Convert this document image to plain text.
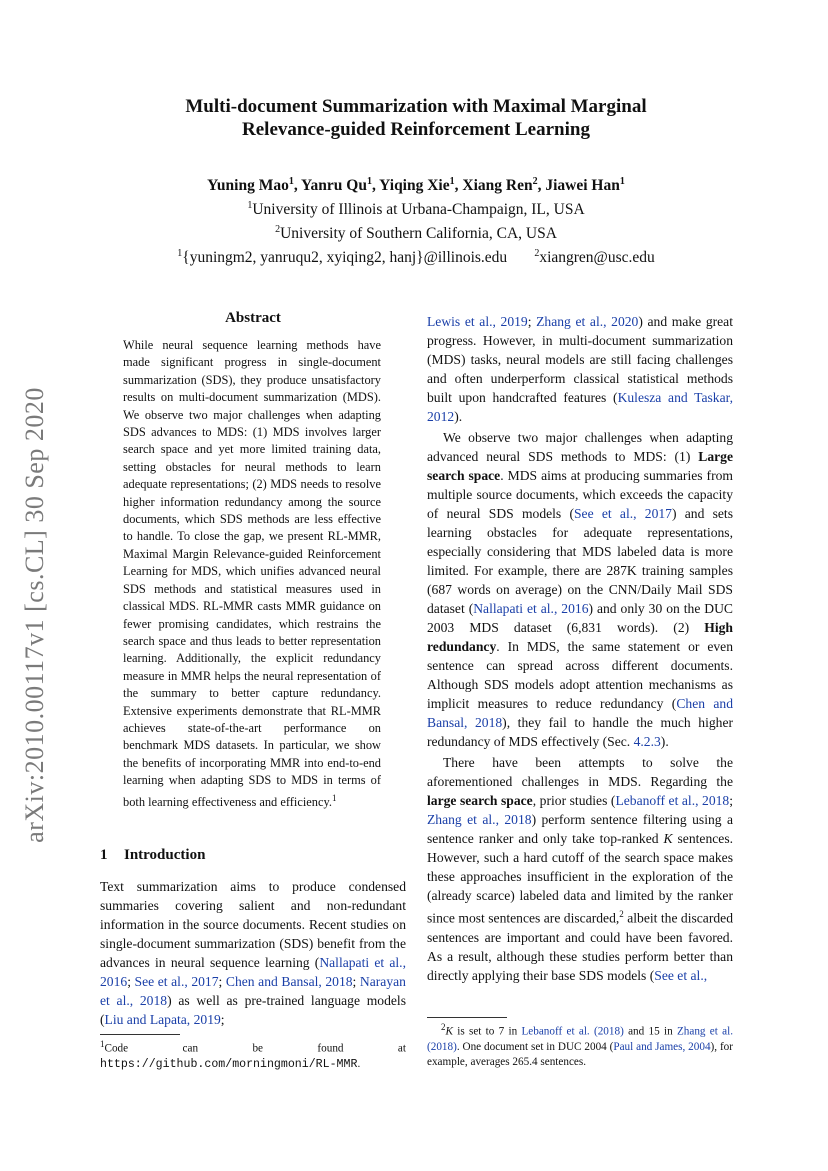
arXiv:2010.00117v1 [cs.CL] 30 Sep 2020
Multi-document Summarization with Maximal Marginal
Relevance-guided Reinforcement Learning
Yuning Mao$^1$, Yanru Qu$^1$, Yiqing Xie$^1$, Xiang Ren$^2$, Jiawei Han$^1$
$^1$University of Illinois at Urbana-Champaign, IL, USA
$^2$University of Southern California, CA, USA
$^1${yuningm2, yanruqu2, xyiqing2, hanj}@illinois.edu	$^2$xiangren@usc.edu
Abstract
While neural sequence learning methods have made significant progress in single-document summarization (SDS), they produce unsatisfactory results on multi-document summarization (MDS). We observe two major challenges when adapting SDS advances to MDS: (1) MDS involves larger search space and yet more limited training data, setting obstacles for neural methods to learn adequate representations; (2) MDS needs to resolve higher information redundancy among the source documents, which SDS methods are less effective to handle. To close the gap, we present RL-MMR, Maximal Margin Relevance-guided Reinforcement Learning for MDS, which unifies advanced neural SDS methods and statistical measures used in classical MDS. RL-MMR casts MMR guidance on fewer promising candidates, which restrains the search space and thus leads to better representation learning. Additionally, the explicit redundancy measure in MMR helps the neural representation of the summary to better capture redundancy. Extensive experiments demonstrate that RL-MMR achieves state-of-the-art performance on benchmark MDS datasets. In particular, we show the benefits of incorporating MMR into end-to-end learning when adapting SDS to MDS in terms of both learning effectiveness and efficiency.$^1$
1 Introduction

Text summarization aims to produce condensed summaries covering salient and non-redundant information in the source documents. Recent studies on single-document summarization (SDS) benefit from the advances in neural sequence learning (Nallapati et al., 2016; See et al., 2017; Chen and Bansal, 2018; Narayan et al., 2018) as well as pre-trained language models (Liu and Lapata, 2019;

$^1$Code can be found at https://github.com/morningmoni/RL-MMR.

Lewis et al., 2019; Zhang et al., 2020) and make great progress. However, in multi-document summarization (MDS) tasks, neural models are still facing challenges and often underperform classical statistical methods built upon handcrafted features (Kulesza and Taskar, 2012).

We observe two major challenges when adapting advanced neural SDS methods to MDS: (1) Large search space. MDS aims at producing summaries from multiple source documents, which exceeds the capacity of neural SDS models (See et al., 2017) and sets learning obstacles for adequate representations, especially considering that MDS labeled data is more limited. For example, there are 287K training samples (687 words on average) on the CNN/Daily Mail SDS dataset (Nallapati et al., 2016) and only 30 on the DUC 2003 MDS dataset (6,831 words). (2) High redundancy. In MDS, the same statement or even sentence can spread across different documents. Although SDS models adopt attention mechanisms as implicit measures to reduce redundancy (Chen and Bansal, 2018), they fail to handle the much higher redundancy of MDS effectively (Sec. 4.2.3).

There have been attempts to solve the aforementioned challenges in MDS. Regarding the large search space, prior studies (Lebanoff et al., 2018; Zhang et al., 2018) perform sentence filtering using a sentence ranker and only take top-ranked K sentences. However, such a hard cutoff of the search space makes these approaches insufficient in the exploration of the (already scarce) labeled data and limited by the ranker since most sentences are discarded,$^2$ albeit the discarded sentences are important and could have been favored. As a result, although these studies perform better than directly applying their base SDS models (See et al.,

$^2$K is set to 7 in Lebanoff et al. (2018) and 15 in Zhang et al. (2018). One document set in DUC 2004 (Paul and James, 2004), for example, averages 265.4 sentences.
